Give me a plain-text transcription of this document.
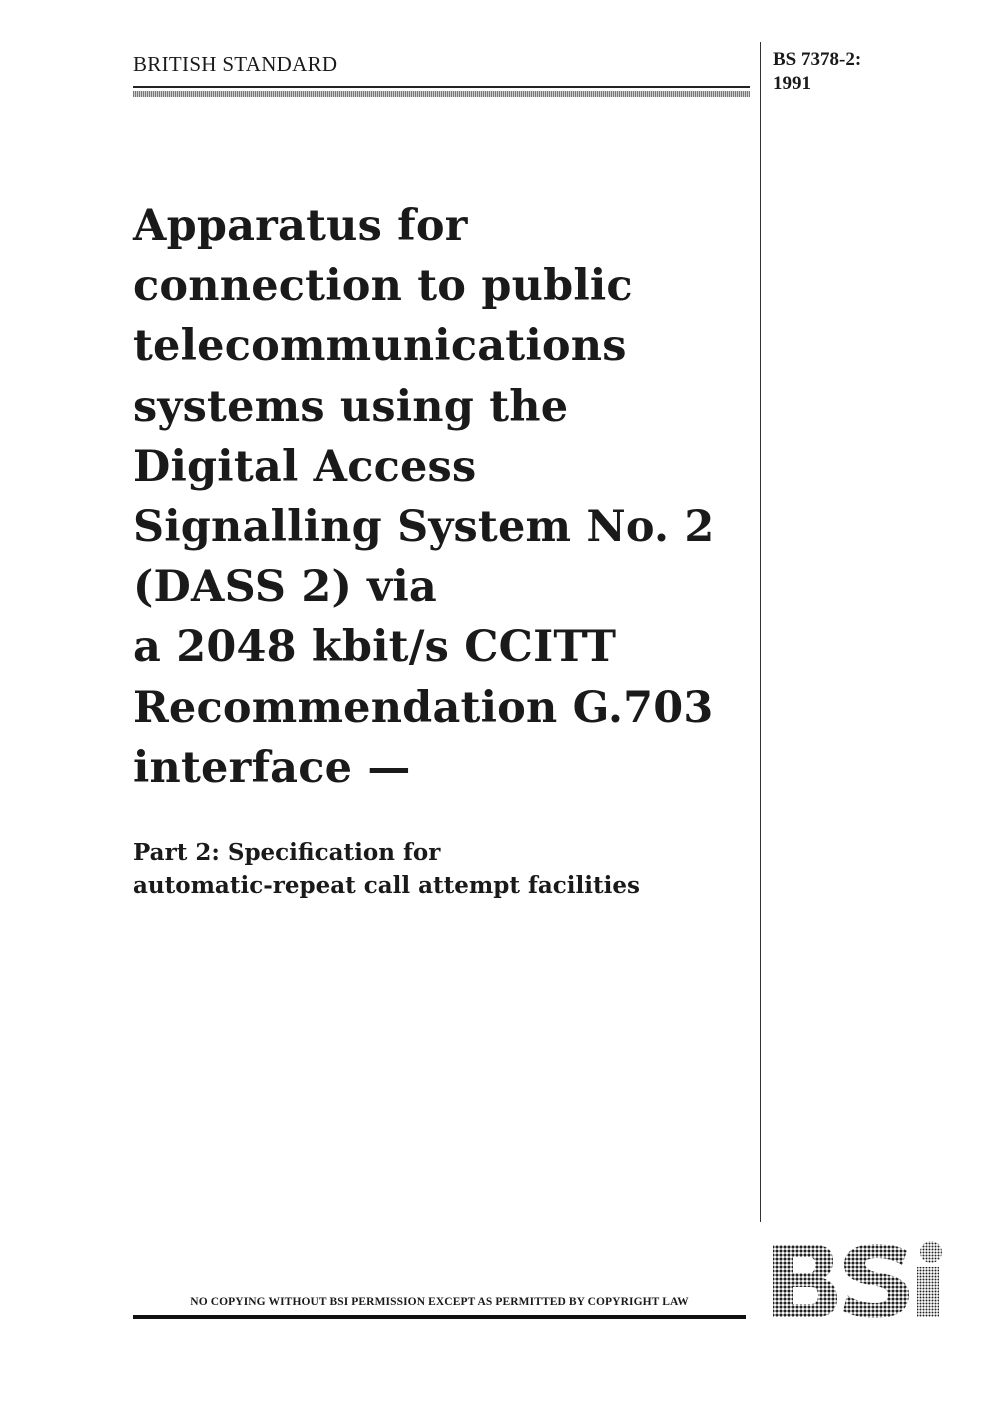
BRITISH STANDARD	BS 7378-2:
1991
Apparatus for
connection to public
telecommunications
systems using the
Digital Access
Signalling System No. 2
(DASS 2) via
a 2048 kbit/s CCITT
Recommendation G.703
interface —
Part 2: Specification for
automatic-repeat call attempt facilities
NO COPYING WITHOUT BSI PERMISSION EXCEPT AS PERMITTED BY COPYRIGHT LAW
